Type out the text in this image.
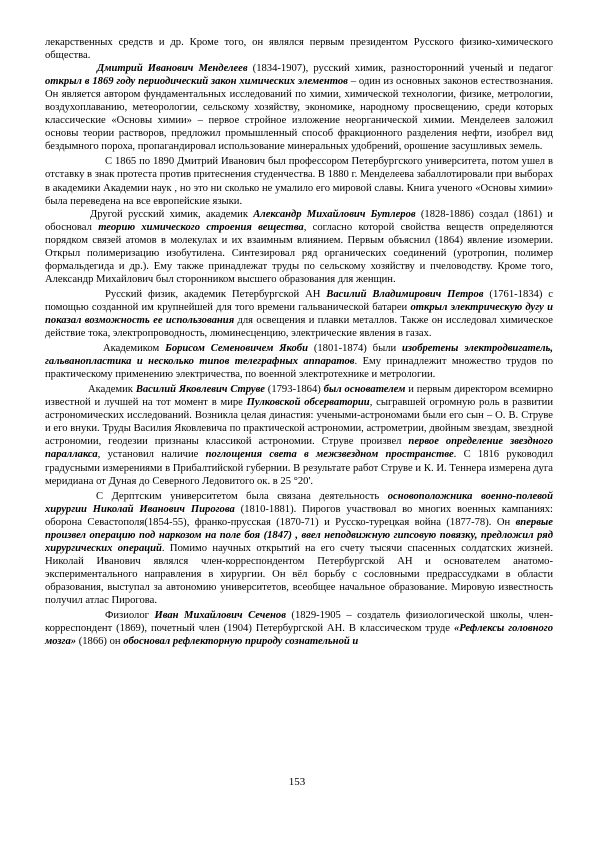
лекарственных средств и др. Кроме того, он являлся первым президентом Русского физико-химического общества.

Дмитрий Иванович Менделеев (1834-1907), русский химик, разносторонний ученый и педагог открыл в 1869 году периодический закон химических элементов – один из основных законов естествознания. Он является автором фундаментальных исследований по химии, химической технологии, физике, метрологии, воздухоплаванию, метеорологии, сельскому хозяйству, экономике, народному просвещению, среди которых классические «Основы химии» – первое стройное изложение неорганической химии. Менделеев заложил основы теории растворов, предложил промышленный способ фракционного разделения нефти, изобрел вид бездымного пороха, пропагандировал использование минеральных удобрений, орошение засушливых земель.

С 1865 по 1890 Дмитрий Иванович был профессором Петербургского университета, потом ушел в отставку в знак протеста против притеснения студенчества. В 1880 г. Менделеева забаллотировали при выборах в академики Академии наук , но это ни сколько не умалило его мировой славы. Книга ученого «Основы химии» была переведена на все европейские языки.

Другой русский химик, академик Александр Михайлович Бутлеров (1828-1886) создал (1861) и обосновал теорию химического строения вещества, согласно которой свойства веществ определяются порядком связей атомов в молекулах и их взаимным влиянием. Первым объяснил (1864) явление изомерии. Открыл полимеризацию изобутилена. Синтезировал ряд органических соединений (уротропин, полимер формальдегида и др.). Ему также принадлежат труды по сельскому хозяйству и пчеловодству. Кроме того, Александр Михайлович был сторонником высшего образования для женщин.

Русский физик, академик Петербургской АН Василий Владимирович Петров (1761-1834) с помощью созданной им крупнейшей для того времени гальванической батареи открыл электрическую дугу и показал возможность ее использования для освещения и плавки металлов. Также он исследовал химическое действие тока, электропроводность, люминесценцию, электрические явления в газах.

Академиком Борисом Семеновичем Якоби (1801-1874) были изобретены электродвигатель, гальванопластика и несколько типов телеграфных аппаратов. Ему принадлежит множество трудов по практическому применению электричества, по военной электротехнике и метрологии.

Академик Василий Яковлевич Струве (1793-1864) был основателем и первым директором всемирно известной и лучшей на тот момент в мире Пулковской обсерватории, сыгравшей огромную роль в развитии астрономических исследований. Возникла целая династия: учеными-астрономами были его сын – О. В. Струве и его внуки. Труды Василия Яковлевича по практической астрономии, астрометрии, двойным звездам, звездной астрономии, геодезии признаны классикой астрономии. Струве произвел первое определение звездного параллакса, установил наличие поглощения света в межзвездном пространстве. С 1816 руководил градусными измерениями в Прибалтийской губернии. В результате работ Струве и К. И. Теннера измерена дуга меридиана от Дуная до Северного Ледовитого ок. в 25 °20'.

С Дерптским университетом была связана деятельность основоположника военно-полевой хирургии Николай Иванович Пирогова (1810-1881). Пирогов участвовал во многих военных кампаниях: оборона Севастополя(1854-55), франко-прусская (1870-71) и Русско-турецкая война (1877-78). Он впервые произвел операцию под наркозом на поле боя (1847) , ввел неподвижную гипсовую повязку, предложил ряд хирургических операций. Помимо научных открытий на его счету тысячи спасенных солдатских жизней. Николай Иванович являлся член-корреспондентом Петербургской АН и основателем анатомо-экспериментального направления в хирургии. Он вёл борьбу с сословными предрассудками в области образования, выступал за автономию университетов, всеобщее начальное образование. Мировую известность получил атлас Пирогова.

Физиолог Иван Михайлович Сеченов (1829-1905 – создатель физиологической школы, член-корреспондент (1869), почетный член (1904) Петербургской АН. В классическом труде «Рефлексы головного мозга» (1866) он обосновал рефлекторную природу сознательной и

153
